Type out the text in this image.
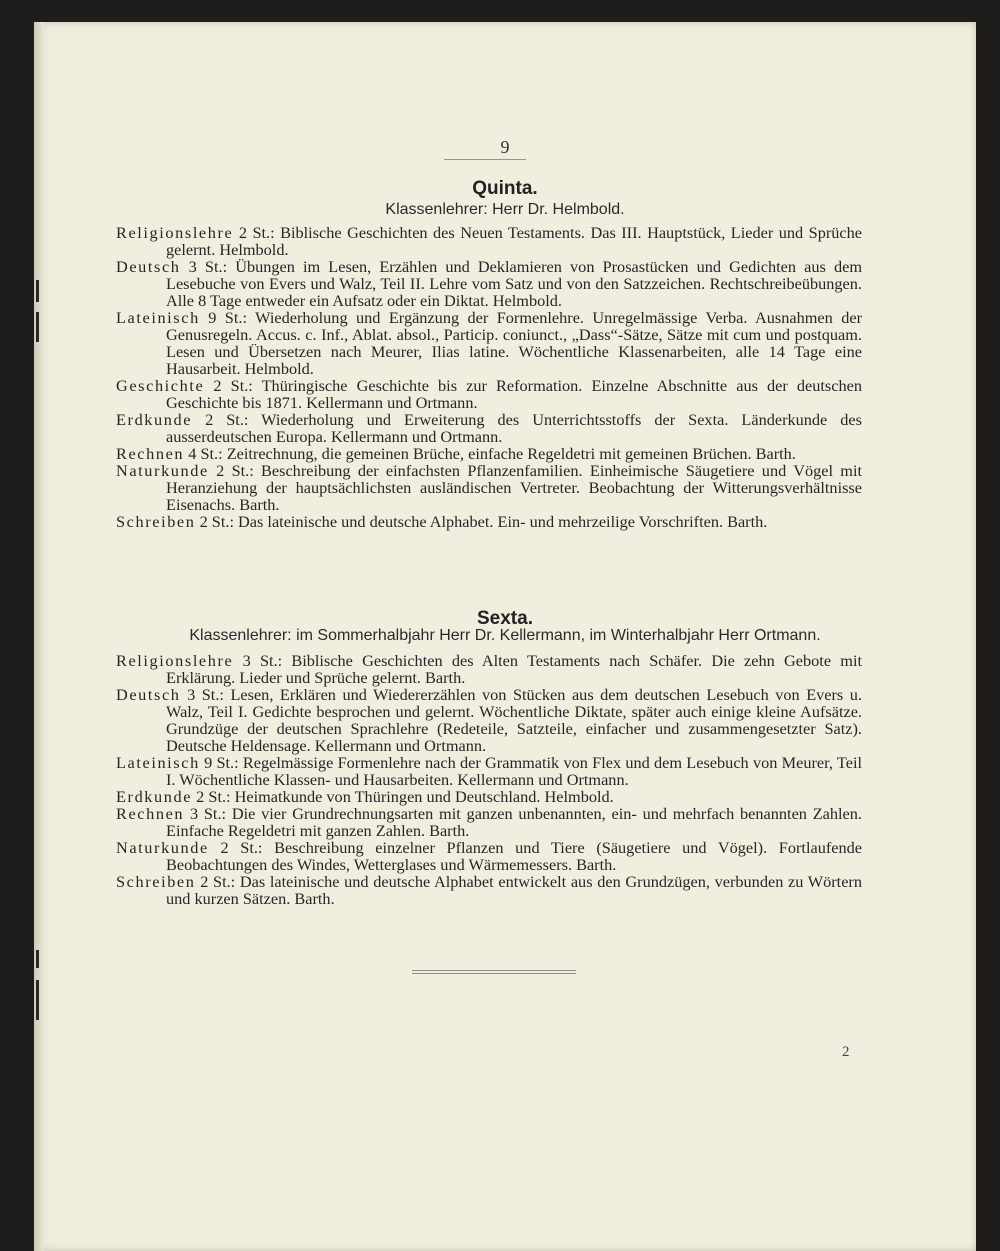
9
Quinta.
Klassenlehrer: Herr Dr. Helmbold.

Religionslehre 2 St.: Biblische Geschichten des Neuen Testaments. Das III. Hauptstück, Lieder und Sprüche gelernt. Helmbold.

Deutsch 3 St.: Übungen im Lesen, Erzählen und Deklamieren von Prosastücken und Gedichten aus dem Lesebuche von Evers und Walz, Teil II. Lehre vom Satz und von den Satzzeichen. Rechtschreibeübungen. Alle 8 Tage entweder ein Aufsatz oder ein Diktat. Helmbold.

Lateinisch 9 St.: Wiederholung und Ergänzung der Formenlehre. Unregelmässige Verba. Ausnahmen der Genusregeln. Accus. c. Inf., Ablat. absol., Particip. coniunct., „Dass“-Sätze, Sätze mit cum und postquam. Lesen und Übersetzen nach Meurer, Ilias latine. Wöchentliche Klassenarbeiten, alle 14 Tage eine Hausarbeit. Helmbold.

Geschichte 2 St.: Thüringische Geschichte bis zur Reformation. Einzelne Abschnitte aus der deutschen Geschichte bis 1871. Kellermann und Ortmann.

Erdkunde 2 St.: Wiederholung und Erweiterung des Unterrichtsstoffs der Sexta. Länderkunde des ausserdeutschen Europa. Kellermann und Ortmann.

Rechnen 4 St.: Zeitrechnung, die gemeinen Brüche, einfache Regeldetri mit gemeinen Brüchen. Barth.

Naturkunde 2 St.: Beschreibung der einfachsten Pflanzenfamilien. Einheimische Säugetiere und Vögel mit Heranziehung der hauptsächlichsten ausländischen Vertreter. Beobachtung der Witterungsverhältnisse Eisenachs. Barth.

Schreiben 2 St.: Das lateinische und deutsche Alphabet. Ein- und mehrzeilige Vorschriften. Barth.

Sexta.
Klassenlehrer: im Sommerhalbjahr Herr Dr. Kellermann, im Winterhalbjahr Herr Ortmann.

Religionslehre 3 St.: Biblische Geschichten des Alten Testaments nach Schäfer. Die zehn Gebote mit Erklärung. Lieder und Sprüche gelernt. Barth.

Deutsch 3 St.: Lesen, Erklären und Wiedererzählen von Stücken aus dem deutschen Lesebuch von Evers u. Walz, Teil I. Gedichte besprochen und gelernt. Wöchentliche Diktate, später auch einige kleine Aufsätze. Grundzüge der deutschen Sprachlehre (Redeteile, Satzteile, einfacher und zusammengesetzter Satz). Deutsche Heldensage. Kellermann und Ortmann.

Lateinisch 9 St.: Regelmässige Formenlehre nach der Grammatik von Flex und dem Lesebuch von Meurer, Teil I. Wöchentliche Klassen- und Hausarbeiten. Kellermann und Ortmann.

Erdkunde 2 St.: Heimatkunde von Thüringen und Deutschland. Helmbold.

Rechnen 3 St.: Die vier Grundrechnungsarten mit ganzen unbenannten, ein- und mehrfach benannten Zahlen. Einfache Regeldetri mit ganzen Zahlen. Barth.

Naturkunde 2 St.: Beschreibung einzelner Pflanzen und Tiere (Säugetiere und Vögel). Fortlaufende Beobachtungen des Windes, Wetterglases und Wärmemessers. Barth.

Schreiben 2 St.: Das lateinische und deutsche Alphabet entwickelt aus den Grundzügen, verbunden zu Wörtern und kurzen Sätzen. Barth.

2
